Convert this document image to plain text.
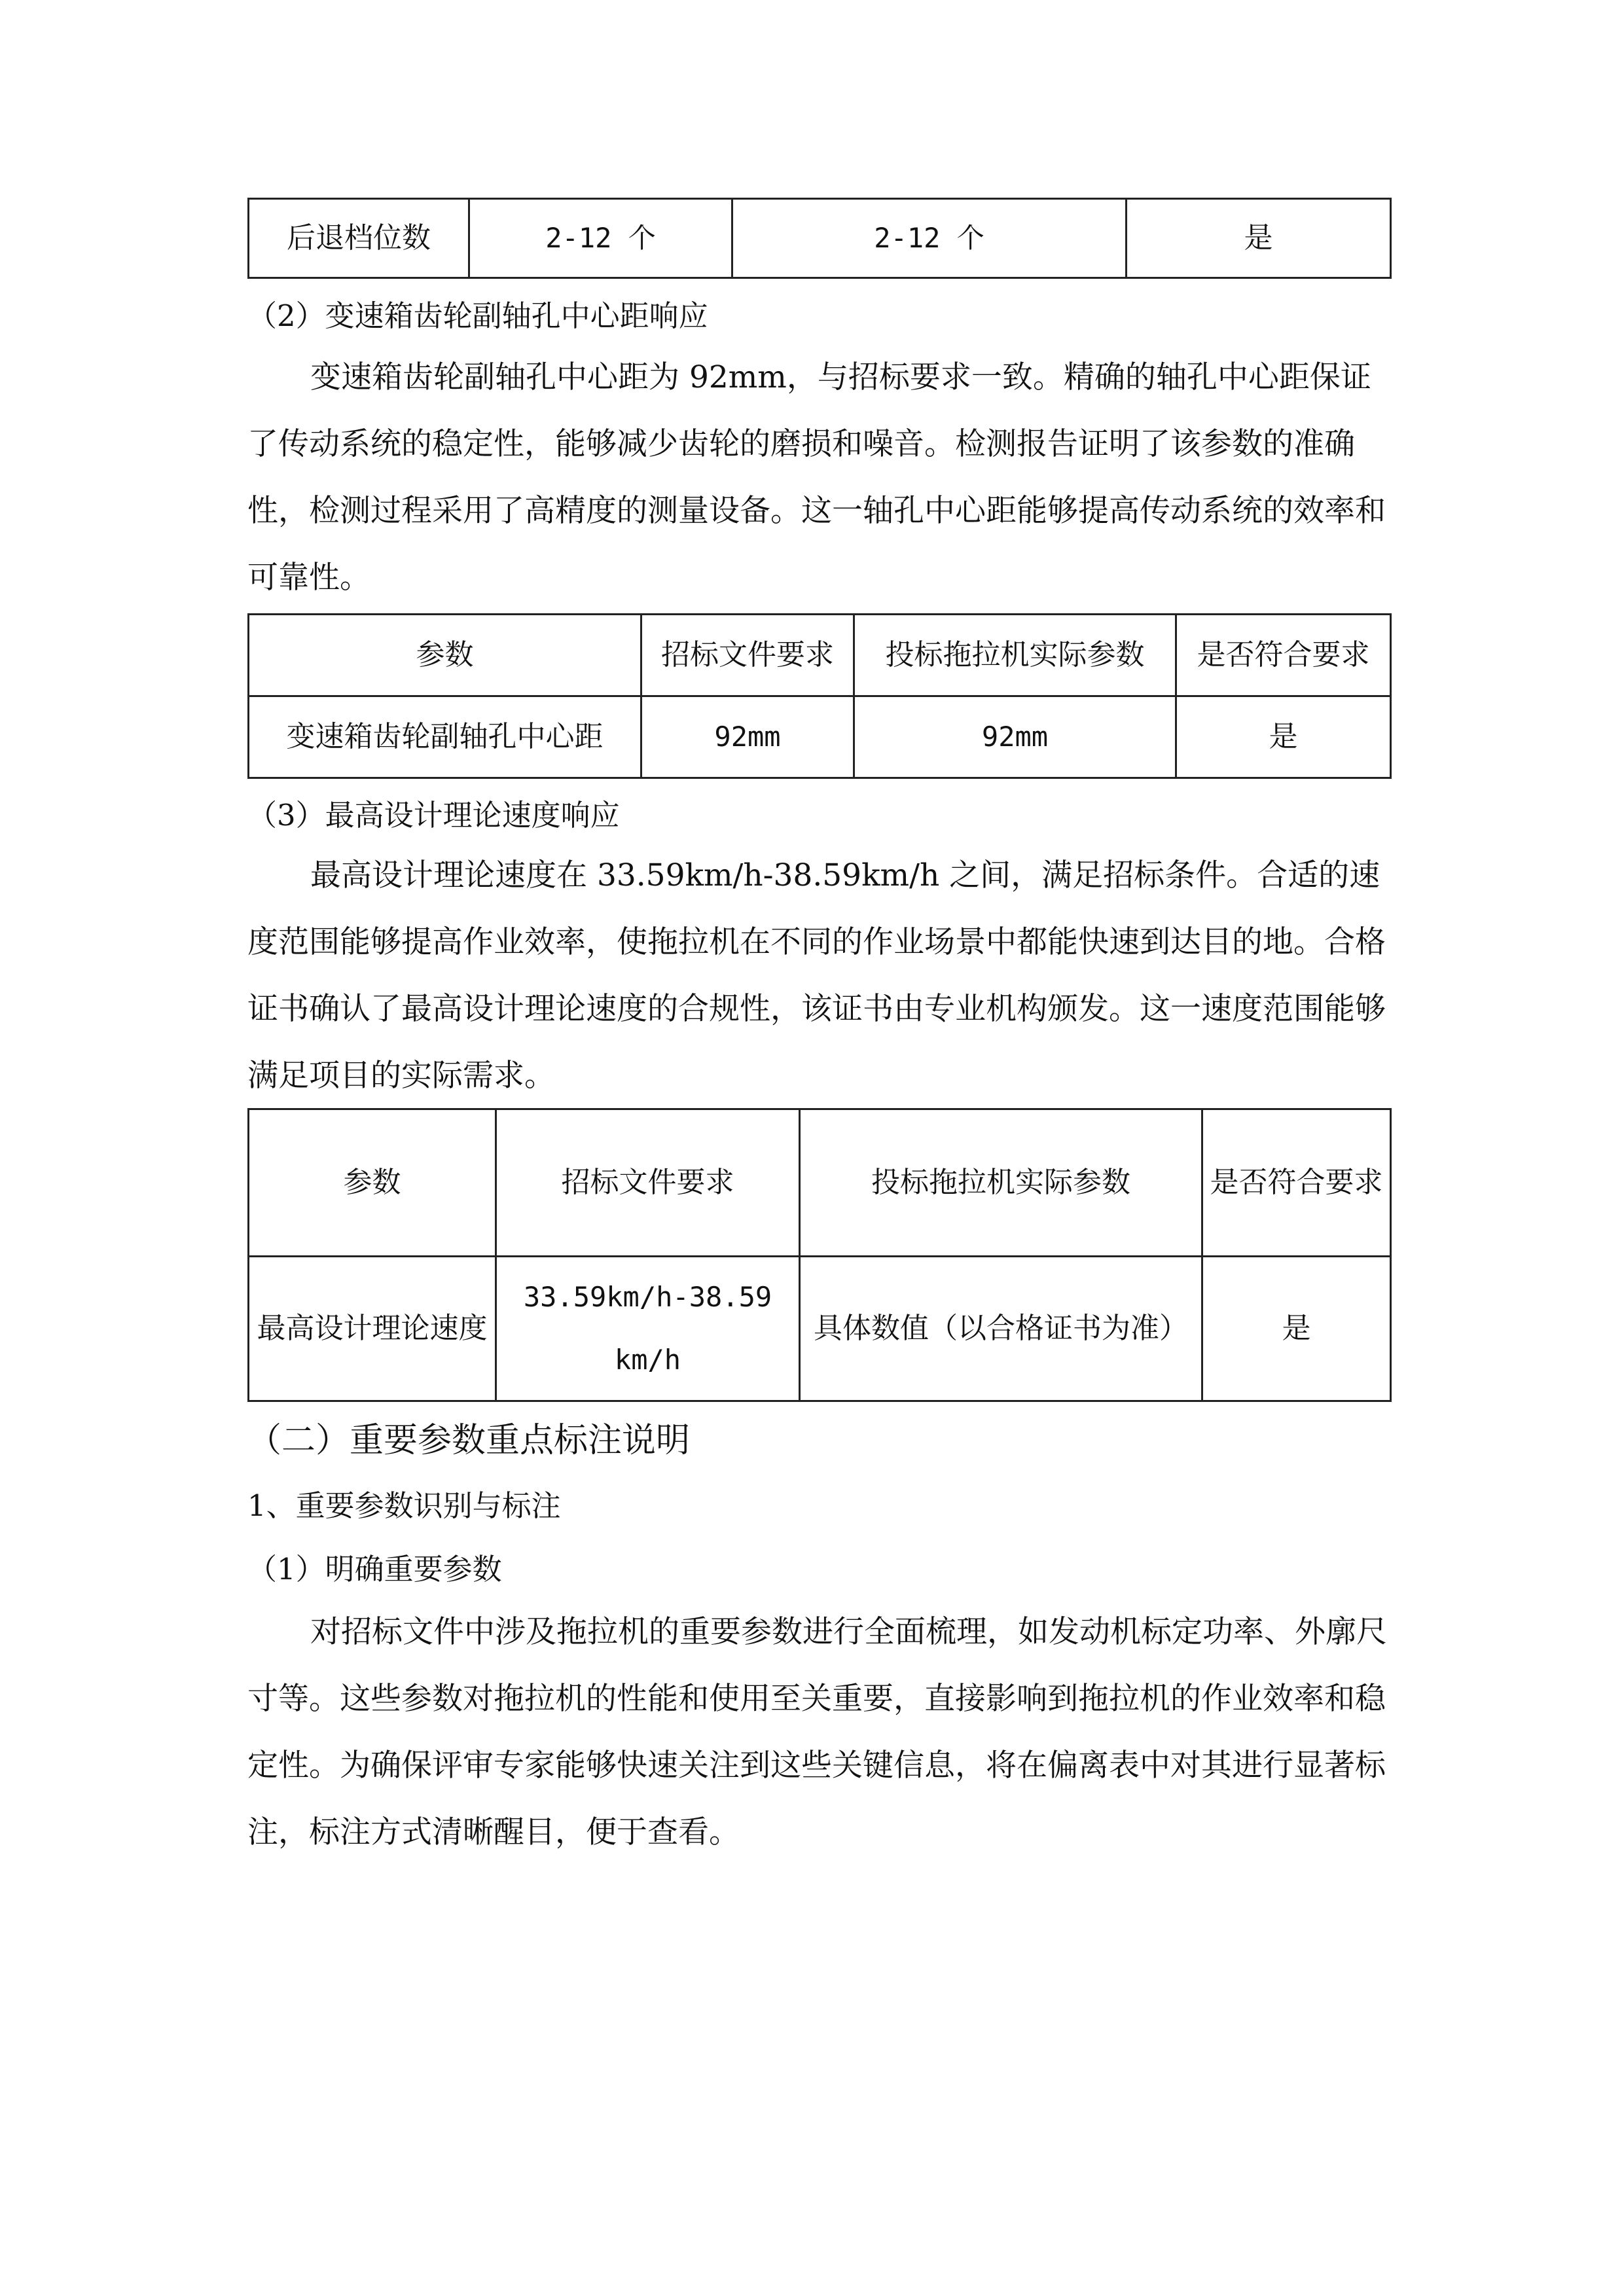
后退档位数	2-12 个	2-12 个	是
（2）变速箱齿轮副轴孔中心距响应
变速箱齿轮副轴孔中心距为 92mm，与招标要求一致。精确的轴孔中心距保证了传动系统的稳定性，能够减少齿轮的磨损和噪音。检测报告证明了该参数的准确性，检测过程采用了高精度的测量设备。这一轴孔中心距能够提高传动系统的效率和可靠性。
参数	招标文件要求	投标拖拉机实际参数	是否符合要求
变速箱齿轮副轴孔中心距	92mm	92mm	是
（3）最高设计理论速度响应
最高设计理论速度在 33.59km/h-38.59km/h 之间，满足招标条件。合适的速度范围能够提高作业效率，使拖拉机在不同的作业场景中都能快速到达目的地。合格证书确认了最高设计理论速度的合规性，该证书由专业机构颁发。这一速度范围能够满足项目的实际需求。
参数	招标文件要求	投标拖拉机实际参数	是否符合要求
最高设计理论速度	33.59km/h-38.59km/h	具体数值（以合格证书为准）	是
（二）重要参数重点标注说明
1、重要参数识别与标注
（1）明确重要参数
对招标文件中涉及拖拉机的重要参数进行全面梳理，如发动机标定功率、外廓尺寸等。这些参数对拖拉机的性能和使用至关重要，直接影响到拖拉机的作业效率和稳定性。为确保评审专家能够快速关注到这些关键信息，将在偏离表中对其进行显著标注，标注方式清晰醒目，便于查看。
